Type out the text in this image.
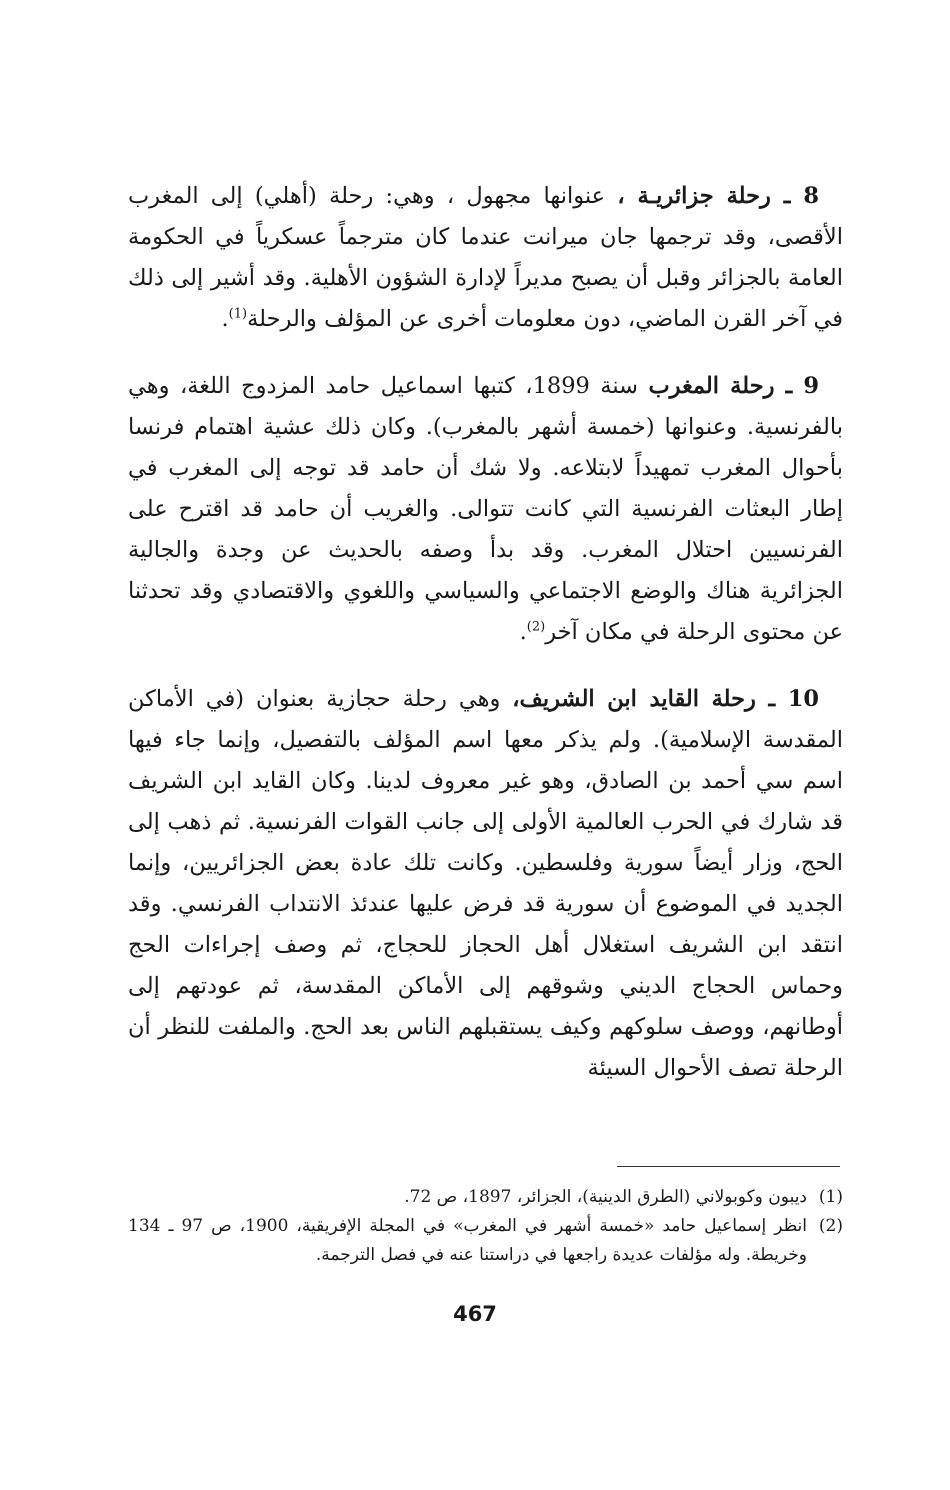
8 ـ رحلة جزائريـة ، عنوانها مجهول ، وهي: رحلة (أهلي) إلى المغرب الأقصى، وقد ترجمها جان ميرانت عندما كان مترجماً عسكرياً في الحكومة العامة بالجزائر وقبل أن يصبح مديراً لإدارة الشؤون الأهلية. وقد أشير إلى ذلك في آخر القرن الماضي، دون معلومات أخرى عن المؤلف والرحلة$^{(1)}$.

9 ـ رحلة المغرب سنة 1899، كتبها اسماعيل حامد المزدوج اللغة، وهي بالفرنسية. وعنوانها (خمسة أشهر بالمغرب). وكان ذلك عشية اهتمام فرنسا بأحوال المغرب تمهيداً لابتلاعه. ولا شك أن حامد قد توجه إلى المغرب في إطار البعثات الفرنسية التي كانت تتوالى. والغريب أن حامد قد اقترح على الفرنسيين احتلال المغرب. وقد بدأ وصفه بالحديث عن وجدة والجالية الجزائرية هناك والوضع الاجتماعي والسياسي واللغوي والاقتصادي وقد تحدثنا عن محتوى الرحلة في مكان آخر$^{(2)}$.

10 ـ رحلة القايد ابن الشريف، وهي رحلة حجازية بعنوان (في الأماكن المقدسة الإسلامية). ولم يذكر معها اسم المؤلف بالتفصيل، وإنما جاء فيها اسم سي أحمد بن الصادق، وهو غير معروف لدينا. وكان القايد ابن الشريف قد شارك في الحرب العالمية الأولى إلى جانب القوات الفرنسية. ثم ذهب إلى الحج، وزار أيضاً سورية وفلسطين. وكانت تلك عادة بعض الجزائريين، وإنما الجديد في الموضوع أن سورية قد فرض عليها عندئذ الانتداب الفرنسي. وقد انتقد ابن الشريف استغلال أهل الحجاز للحجاج، ثم وصف إجراءات الحج وحماس الحجاج الديني وشوقهم إلى الأماكن المقدسة، ثم عودتهم إلى أوطانهم، ووصف سلوكهم وكيف يستقبلهم الناس بعد الحج. والملفت للنظر أن الرحلة تصف الأحوال السيئة

(1)
ديبون وكوبولاني (الطرق الدينية)، الجزائر، 1897، ص 72.
(2)
انظر إسماعيل حامد «خمسة أشهر في المغرب» في المجلة الإفريقية، 1900، ص 97 ـ 134 وخريطة. وله مؤلفات عديدة راجعها في دراستنا عنه في فصل الترجمة.
467
